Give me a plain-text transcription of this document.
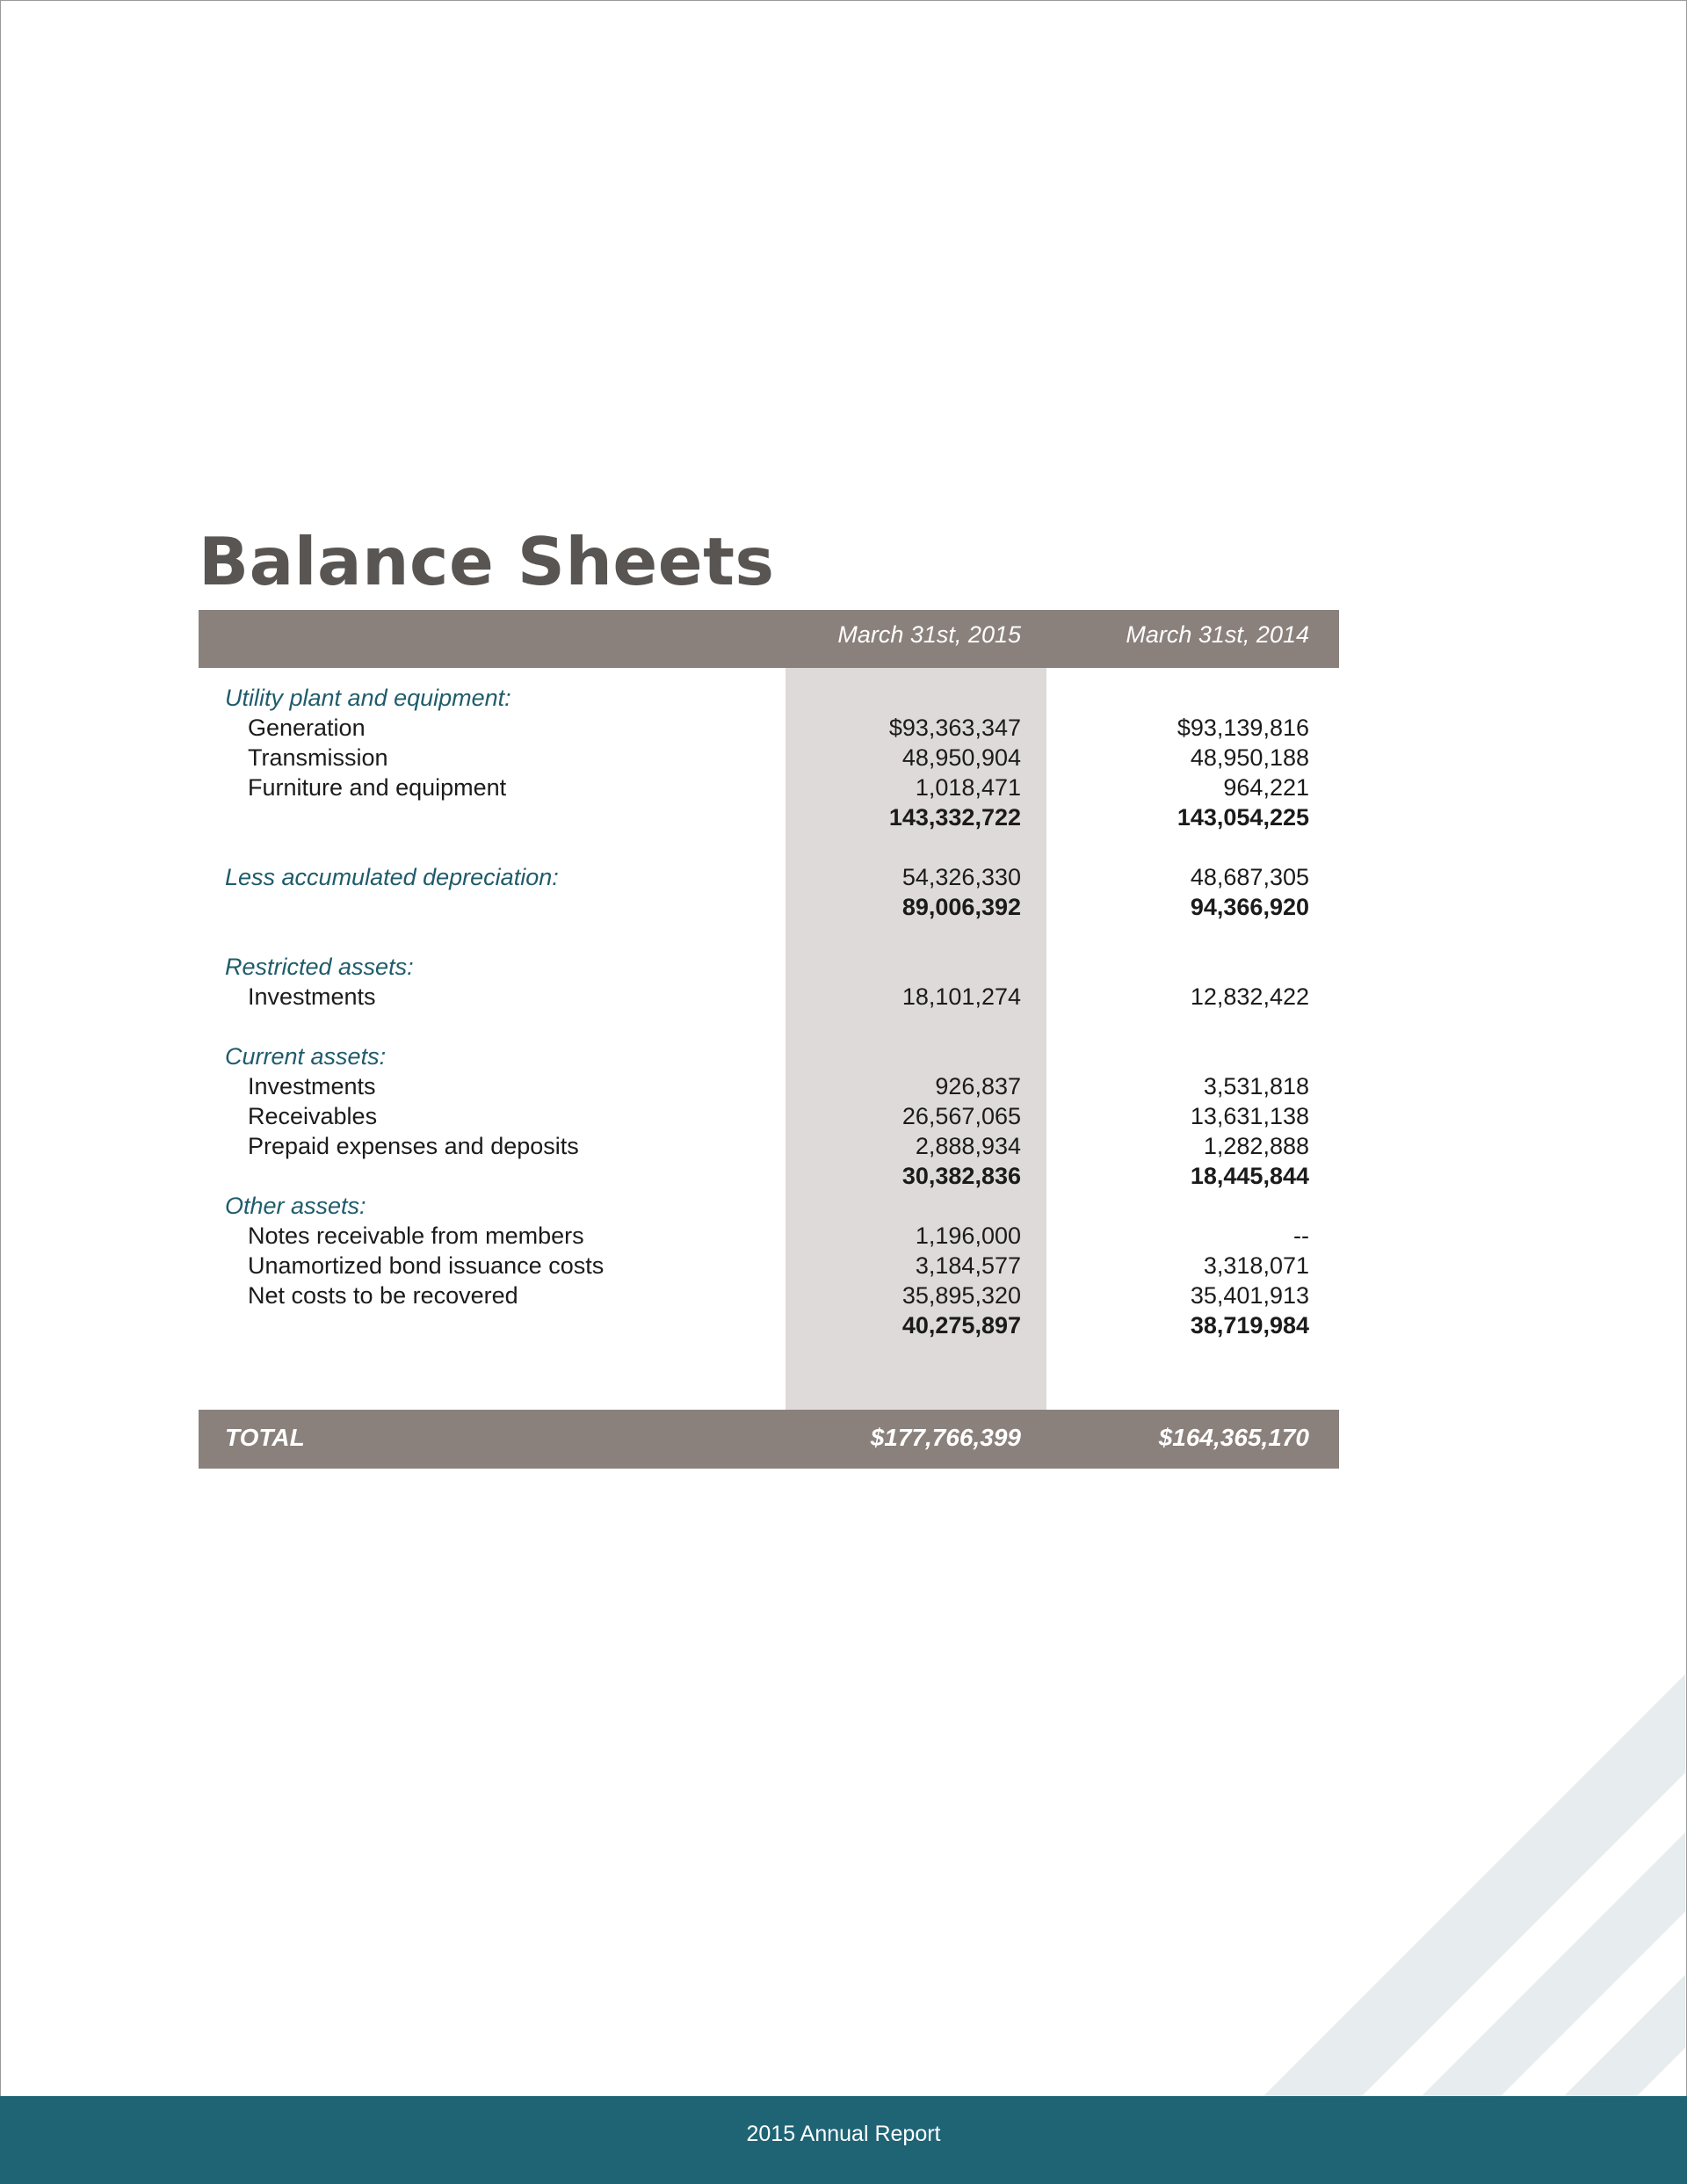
Balance Sheets
March 31st, 2015	March 31st, 2014
TOTAL	$177,766,399	$164,365,170
Utility plant and equipment:
Generation	$93,363,347	$93,139,816
Transmission	48,950,904	48,950,188
Furniture and equipment	1,018,471	964,221
143,332,722	143,054,225
Less accumulated depreciation:	54,326,330	48,687,305
89,006,392	94,366,920
Restricted assets:
Investments	18,101,274	12,832,422
Current assets:
Investments	926,837	3,531,818
Receivables	26,567,065	13,631,138
Prepaid expenses and deposits	2,888,934	1,282,888
30,382,836	18,445,844
Other assets:
Notes receivable from members	1,196,000	--
Unamortized bond issuance costs	3,184,577	3,318,071
Net costs to be recovered	35,895,320	35,401,913
40,275,897	38,719,984
2015 Annual Report
